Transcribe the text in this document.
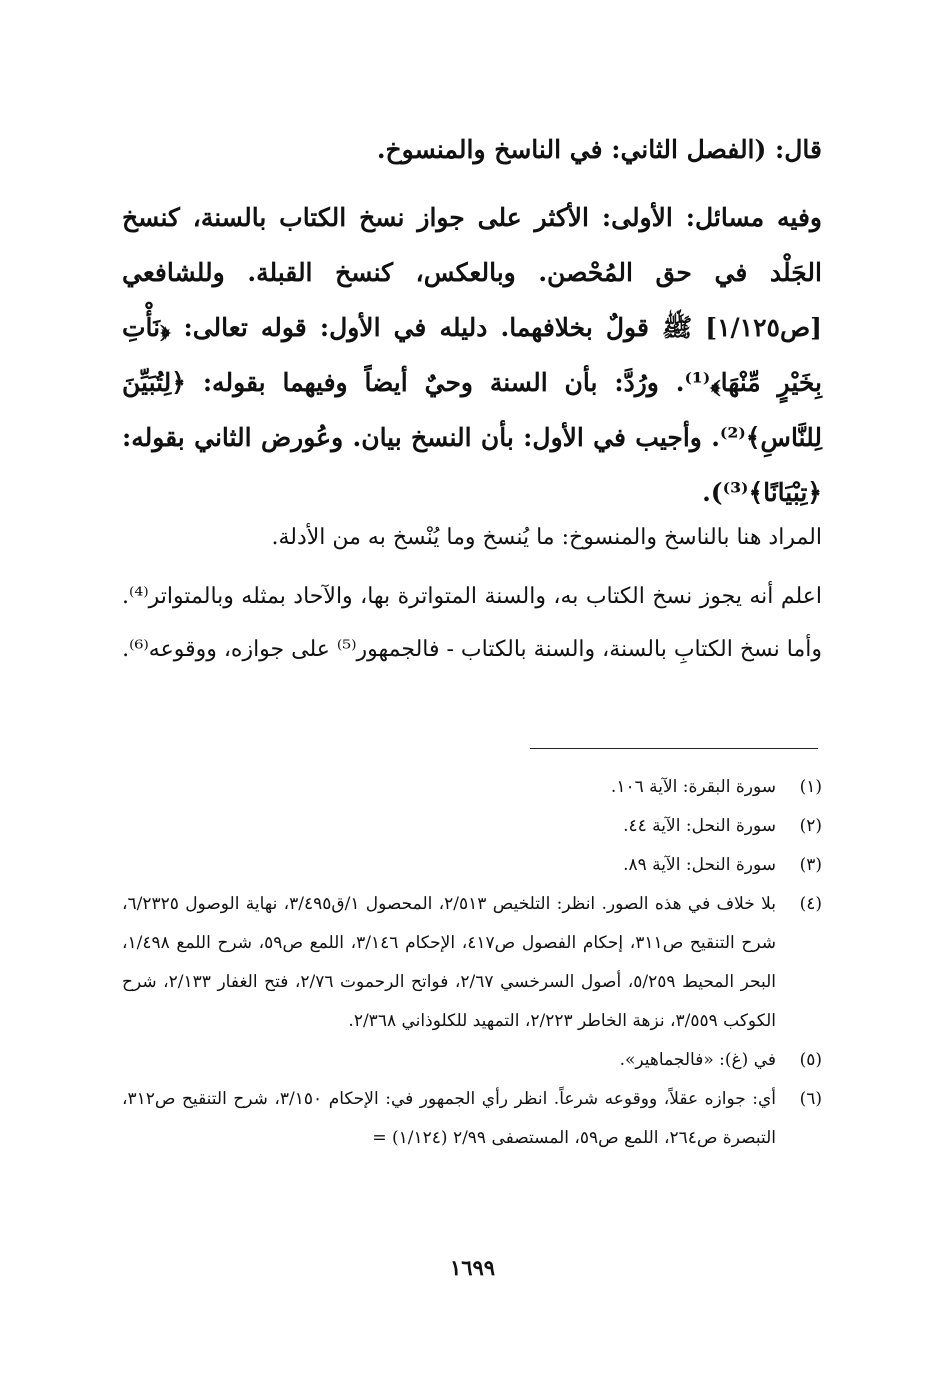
قال: (الفصل الثاني: في الناسخ والمنسوخ.
وفيه مسائل: الأولى: الأكثر على جواز نسخ الكتاب بالسنة، كنسخ الجَلْد في حق المُحْصن. وبالعكس، كنسخ القبلة. وللشافعي [ص١/١٢٥] ﷺ قولٌ بخلافهما. دليله في الأول: قوله تعالى: ﴿نَأْتِ بِخَيْرٍ مِّنْهَا﴾⁽¹⁾. ورُدَّ: بأن السنة وحيٌ أيضاً وفيهما بقوله: ﴿لِتُبَيِّنَ لِلنَّاسِ﴾⁽²⁾. وأجيب في الأول: بأن النسخ بيان. وعُورض الثاني بقوله: ﴿تِبْيَانًا﴾⁽³⁾).
المراد هنا بالناسخ والمنسوخ: ما يُنسخ وما يُنْسخ به من الأدلة.
اعلم أنه يجوز نسخ الكتاب به، والسنة المتواترة بها، والآحاد بمثله وبالمتواتر⁽⁴⁾. وأما نسخ الكتابِ بالسنة، والسنة بالكتاب - فالجمهور⁽⁵⁾ على جوازه، ووقوعه⁽⁶⁾.
(١)
سورة البقرة: الآية ١٠٦.
(٢)
سورة النحل: الآية ٤٤.
(٣)
سورة النحل: الآية ٨٩.
(٤)
بلا خلاف في هذه الصور. انظر: التلخيص ٢/٥١٣، المحصول ١/ق٣/٤٩٥، نهاية الوصول ٦/٢٣٢٥، شرح التنقيح ص٣١١، إحكام الفصول ص٤١٧، الإحكام ٣/١٤٦، اللمع ص٥٩، شرح اللمع ١/٤٩٨، البحر المحيط ٥/٢٥٩، أصول السرخسي ٢/٦٧، فواتح الرحموت ٢/٧٦، فتح الغفار ٢/١٣٣، شرح الكوكب ٣/٥٥٩، نزهة الخاطر ٢/٢٢٣، التمهيد للكلوذاني ٢/٣٦٨.
(٥)
في (غ): «فالجماهير».
(٦)
أي: جوازه عقلاً، ووقوعه شرعاً. انظر رأي الجمهور في: الإحكام ٣/١٥٠، شرح التنقيح ص٣١٢، التبصرة ص٢٦٤، اللمع ص٥٩، المستصفى ٢/٩٩ (١/١٢٤) =
١٦٩٩
